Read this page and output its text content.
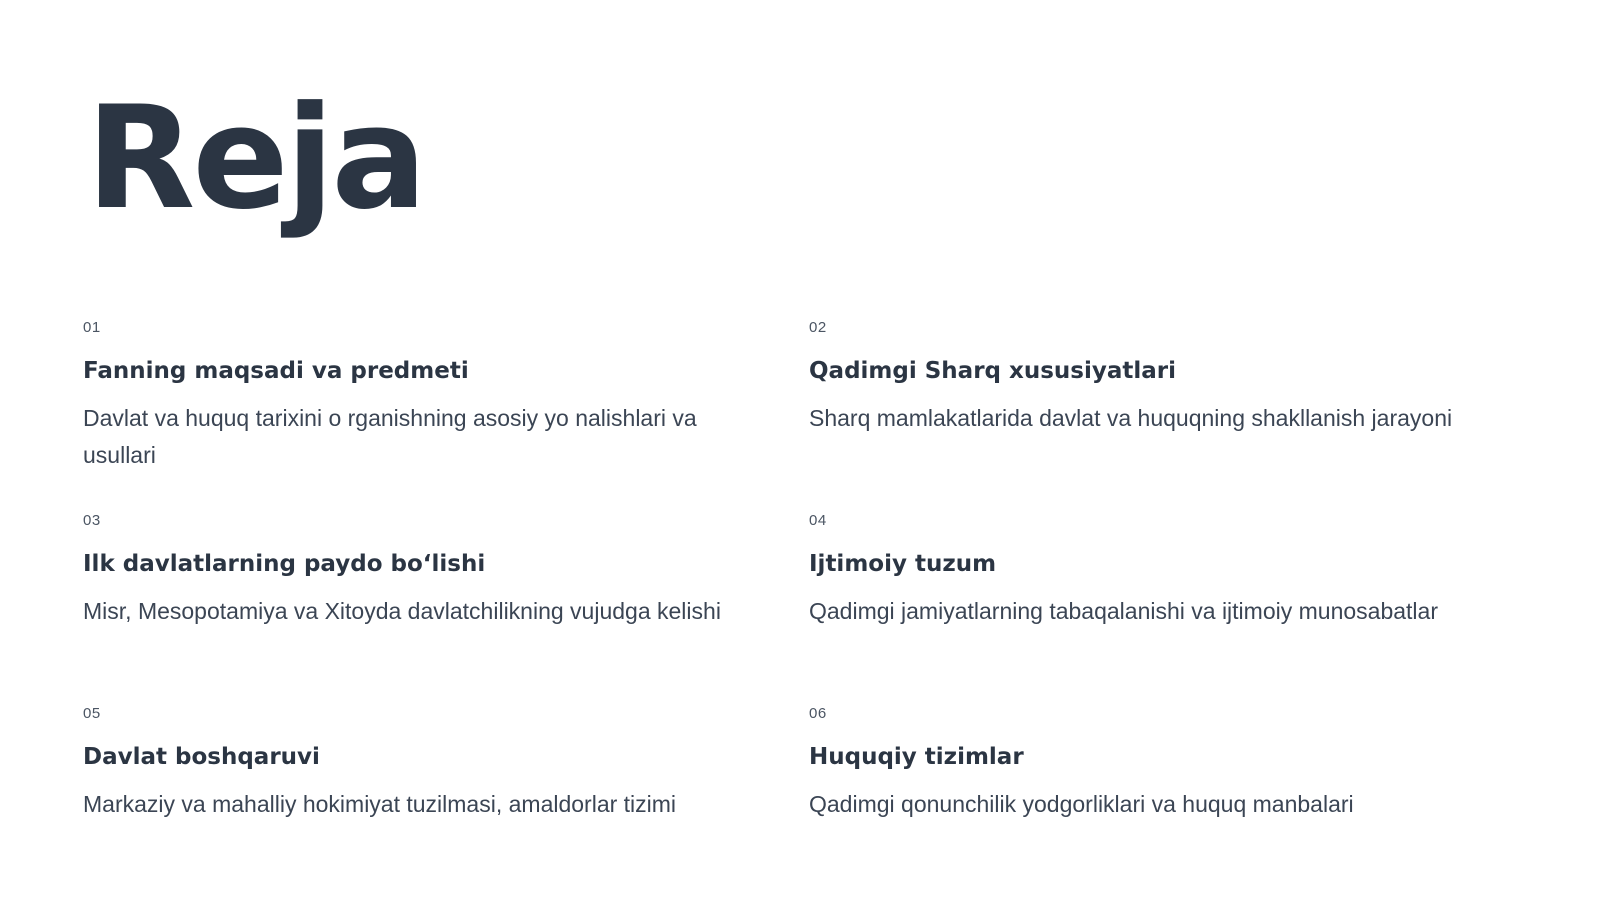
Reja
01
Fanning maqsadi va predmeti
Davlat va huquq tarixini o rganishning asosiy yo nalishlari va usullari
02
Qadimgi Sharq xususiyatlari
Sharq mamlakatlarida davlat va huquqning shakllanish jarayoni
03
Ilk davlatlarning paydo bo‘lishi
Misr, Mesopotamiya va Xitoyda davlatchilikning vujudga kelishi
04
Ijtimoiy tuzum
Qadimgi jamiyatlarning tabaqalanishi va ijtimoiy munosabatlar
05
Davlat boshqaruvi
Markaziy va mahalliy hokimiyat tuzilmasi, amaldorlar tizimi
06
Huquqiy tizimlar
Qadimgi qonunchilik yodgorliklari va huquq manbalari
